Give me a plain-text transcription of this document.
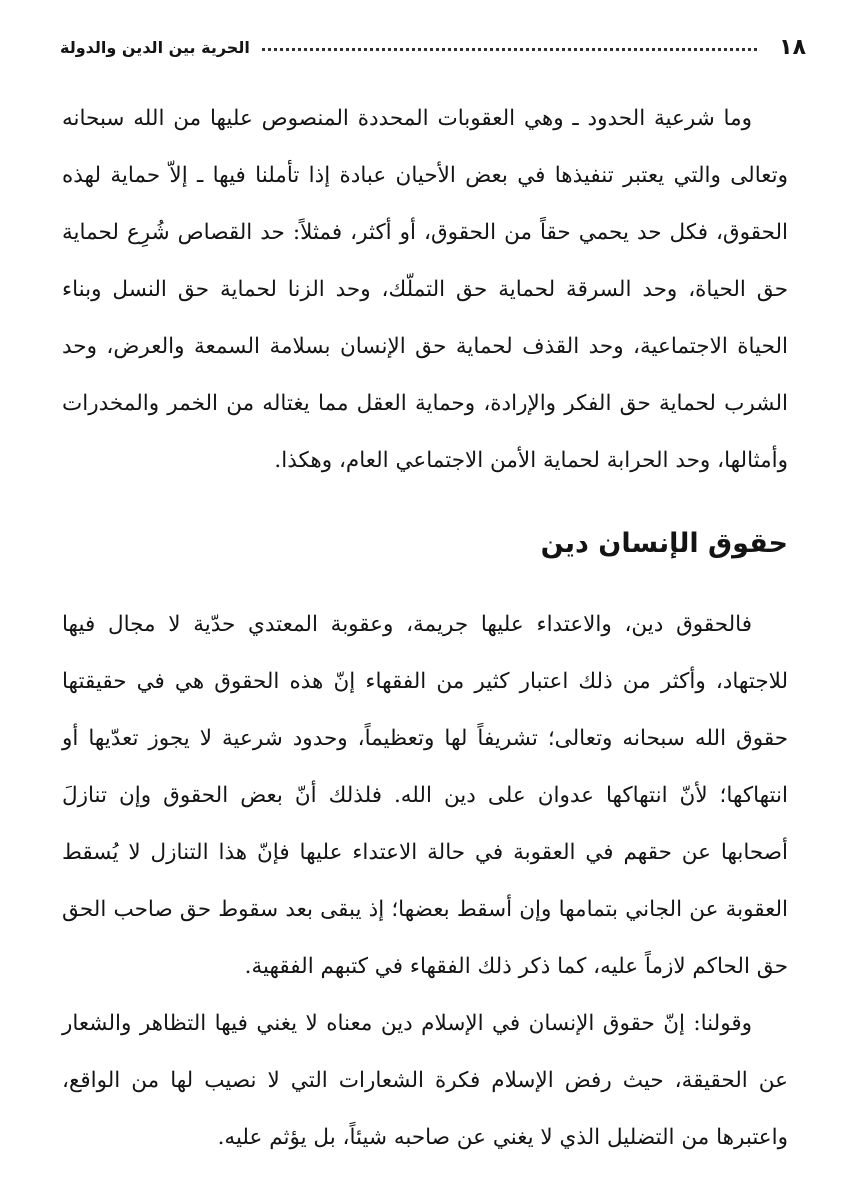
١٨
الحرية بين الدين والدولة

وما شرعية الحدود ـ وهي العقوبات المحددة المنصوص عليها من الله سبحانه وتعالى والتي يعتبر تنفيذها في بعض الأحيان عبادة إذا تأملنا فيها ـ إلاّ حماية لهذه الحقوق، فكل حد يحمي حقاً من الحقوق، أو أكثر، فمثلاً: حد القصاص شُرِع لحماية حق الحياة، وحد السرقة لحماية حق التملّك، وحد الزنا لحماية حق النسل وبناء الحياة الاجتماعية، وحد القذف لحماية حق الإنسان بسلامة السمعة والعرض، وحد الشرب لحماية حق الفكر والإرادة، وحماية العقل مما يغتاله من الخمر والمخدرات وأمثالها، وحد الحرابة لحماية الأمن الاجتماعي العام، وهكذا.

حقوق الإنسان دين

فالحقوق دين، والاعتداء عليها جريمة، وعقوبة المعتدي حدّية لا مجال فيها للاجتهاد، وأكثر من ذلك اعتبار كثير من الفقهاء إنّ هذه الحقوق هي في حقيقتها حقوق الله سبحانه وتعالى؛ تشريفاً لها وتعظيماً، وحدود شرعية لا يجوز تعدّيها أو انتهاكها؛ لأنّ انتهاكها عدوان على دين الله. فلذلك أنّ بعض الحقوق وإن تنازلَ أصحابها عن حقهم في العقوبة في حالة الاعتداء عليها فإنّ هذا التنازل لا يُسقط العقوبة عن الجاني بتمامها وإن أسقط بعضها؛ إذ يبقى بعد سقوط حق صاحب الحق حق الحاكم لازماً عليه، كما ذكر ذلك الفقهاء في كتبهم الفقهية.

وقولنا: إنّ حقوق الإنسان في الإسلام دين معناه لا يغني فيها التظاهر والشعار عن الحقيقة، حيث رفض الإسلام فكرة الشعارات التي لا نصيب لها من الواقع، واعتبرها من التضليل الذي لا يغني عن صاحبه شيئاً، بل يؤثم عليه.
